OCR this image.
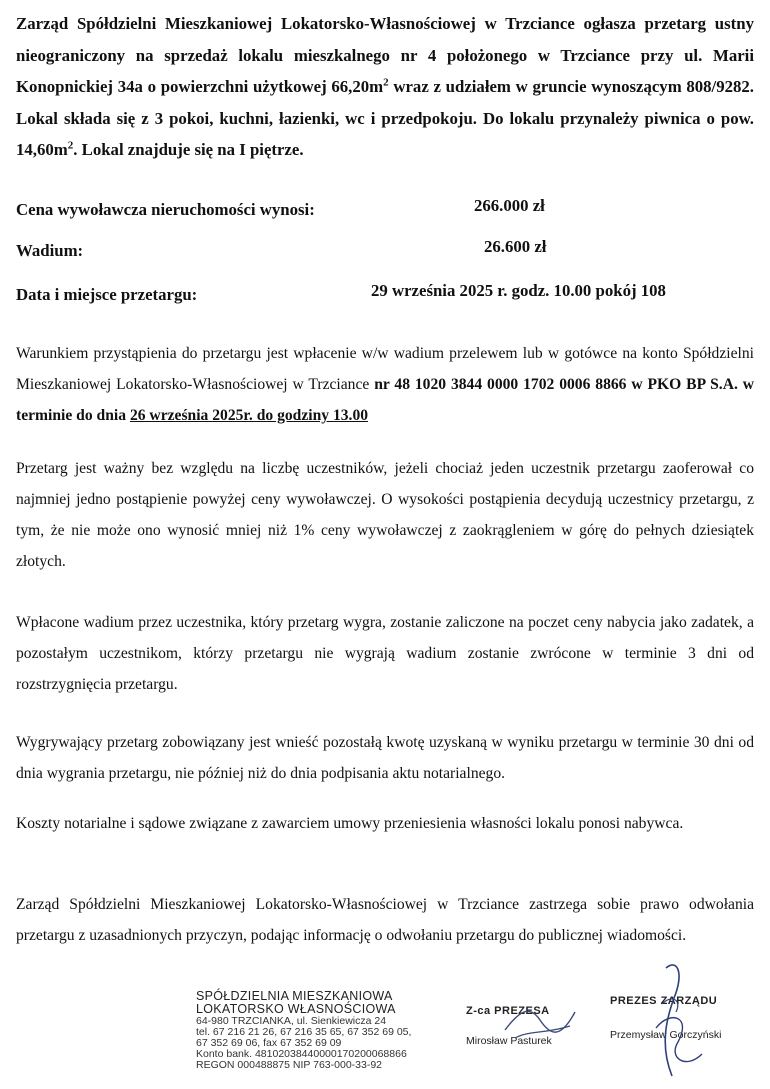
Zarząd Spółdzielni Mieszkaniowej Lokatorsko-Własnościowej w Trzciance ogłasza przetarg ustny nieograniczony na sprzedaż lokalu mieszkalnego nr 4 położonego w Trzciance przy ul. Marii Konopnickiej 34a o powierzchni użytkowej $66,20m^2$ wraz z udziałem w gruncie wynoszącym 808/9282. Lokal składa się z 3 pokoi, kuchni, łazienki, wc i przedpokoju. Do lokalu przynależy piwnica o pow. $14,60m^2$. Lokal znajduje się na I piętrze.

Cena wywoławcza nieruchomości wynosi:	266.000 zł

Wadium:	26.600 zł

Data i miejsce przetargu:	29 września 2025 r. godz. 10.00 pokój 108

Warunkiem przystąpienia do przetargu jest wpłacenie w/w wadium przelewem lub w gotówce na konto Spółdzielni Mieszkaniowej Lokatorsko-Własnościowej w Trzciance nr 48 1020 3844 0000 1702 0006 8866 w PKO BP S.A. w terminie do dnia 26 września 2025r. do godziny 13.00

Przetarg jest ważny bez względu na liczbę uczestników, jeżeli chociaż jeden uczestnik przetargu zaoferował co najmniej jedno postąpienie powyżej ceny wywoławczej. O wysokości postąpienia decydują uczestnicy przetargu, z tym, że nie może ono wynosić mniej niż 1% ceny wywoławczej z zaokrągleniem w górę do pełnych dziesiątek złotych.

Wpłacone wadium przez uczestnika, który przetarg wygra, zostanie zaliczone na poczet ceny nabycia jako zadatek, a pozostałym uczestnikom, którzy przetargu nie wygrają wadium zostanie zwrócone w terminie 3 dni od rozstrzygnięcia przetargu.

Wygrywający przetarg zobowiązany jest wnieść pozostałą kwotę uzyskaną w wyniku przetargu w terminie 30 dni od dnia wygrania przetargu, nie później niż do dnia podpisania aktu notarialnego.

Koszty notarialne i sądowe związane z zawarciem umowy przeniesienia własności lokalu ponosi nabywca.

Zarząd Spółdzielni Mieszkaniowej Lokatorsko-Własnościowej w Trzciance zastrzega sobie prawo odwołania przetargu z uzasadnionych przyczyn, podając informację o odwołaniu przetargu do publicznej wiadomości.

SPÓŁDZIELNIA MIESZKANIOWA
LOKATORSKO WŁASNOŚCIOWA
64-980 TRZCIANKA, ul. Sienkiewicza 24
tel. 67 216 21 26, 67 216 35 65, 67 352 69 05,
67 352 69 06, fax 67 352 69 09
Konto bank. 48102038440000170200068866
REGON 000488875 NIP 763-000-33-92
Z-ca PREZESA
Mirosław Pasturek
PREZES ZARZĄDU
Przemysław Gorczyński
